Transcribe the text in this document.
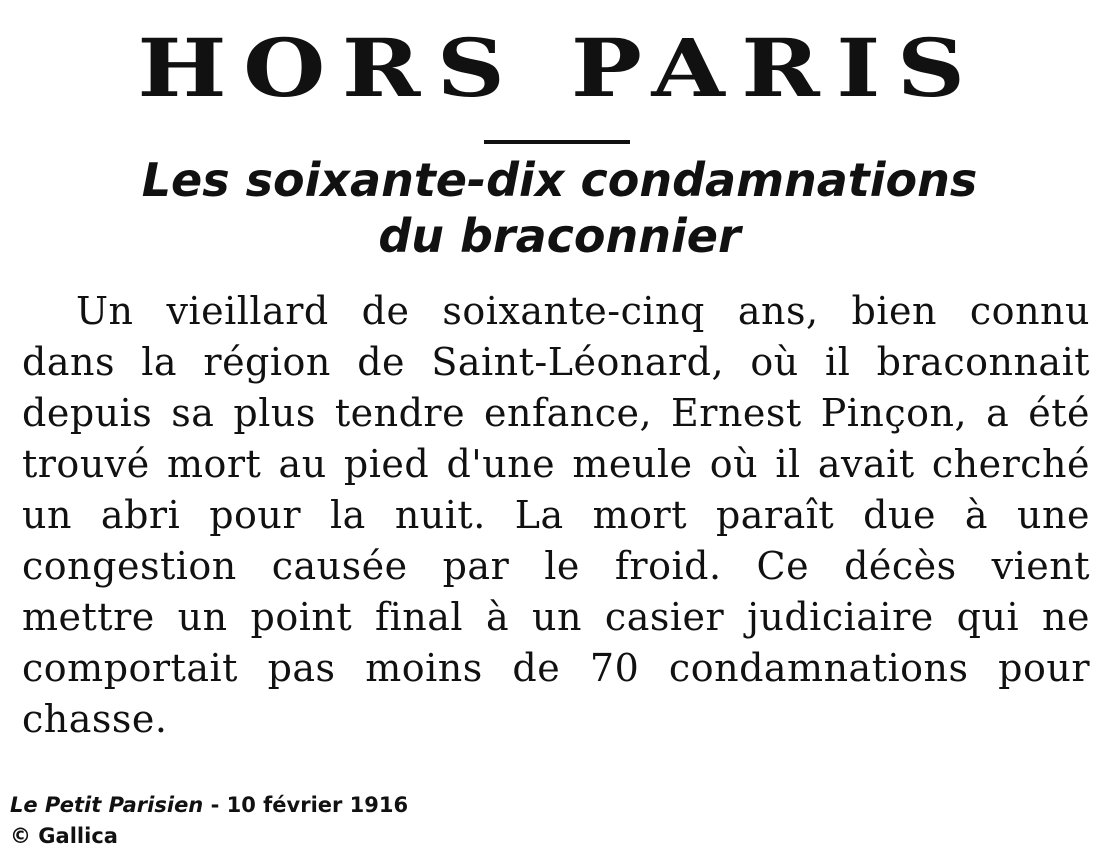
HORS PARIS
Les soixante-dix condamnations
du braconnier

Un vieillard de soixante-cinq ans, bien connu dans la région de Saint-Léonard, où il braconnait depuis sa plus tendre enfance, Ernest Pinçon, a été trouvé mort au pied d'une meule où il avait cherché un abri pour la nuit. La mort paraît due à une congestion causée par le froid. Ce décès vient mettre un point final à un casier judiciaire qui ne comportait pas moins de 70 condamnations pour chasse.

Le Petit Parisien - 10 février 1916
© Gallica
